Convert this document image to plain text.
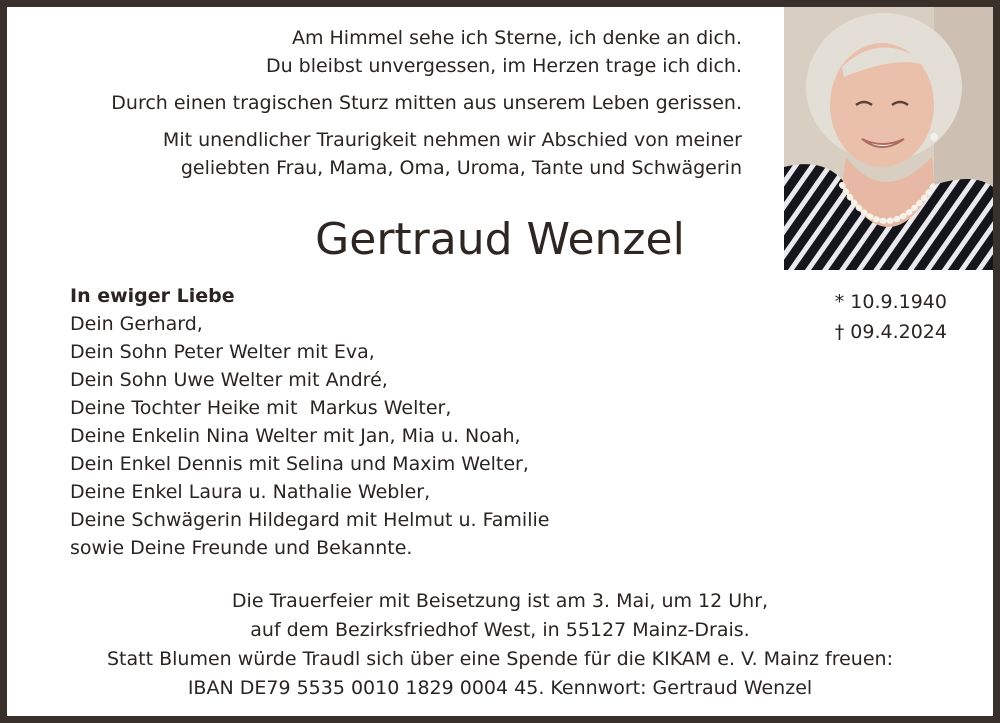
Am Himmel sehe ich Sterne, ich denke an dich.

Du bleibst unvergessen, im Herzen trage ich dich.

Durch einen tragischen Sturz mitten aus unserem Leben gerissen.

Mit unendlicher Traurigkeit nehmen wir Abschied von meiner

geliebten Frau, Mama, Oma, Uroma, Tante und Schwägerin

Gertraud Wenzel
* 10.9.1940
† 09.4.2024
In ewiger Liebe
Dein Gerhard,
Dein Sohn Peter Welter mit Eva,
Dein Sohn Uwe Welter mit André,
Deine Tochter Heike mit  Markus Welter,
Deine Enkelin Nina Welter mit Jan, Mia u. Noah,
Dein Enkel Dennis mit Selina und Maxim Welter,
Deine Enkel Laura u. Nathalie Webler,
Deine Schwägerin Hildegard mit Helmut u. Familie
sowie Deine Freunde und Bekannte.

Die Trauerfeier mit Beisetzung ist am 3. Mai, um 12 Uhr,

auf dem Bezirksfriedhof West, in 55127 Mainz-Drais.

Statt Blumen würde Traudl sich über eine Spende für die KIKAM e. V. Mainz freuen:

IBAN DE79 5535 0010 1829 0004 45. Kennwort: Gertraud Wenzel
